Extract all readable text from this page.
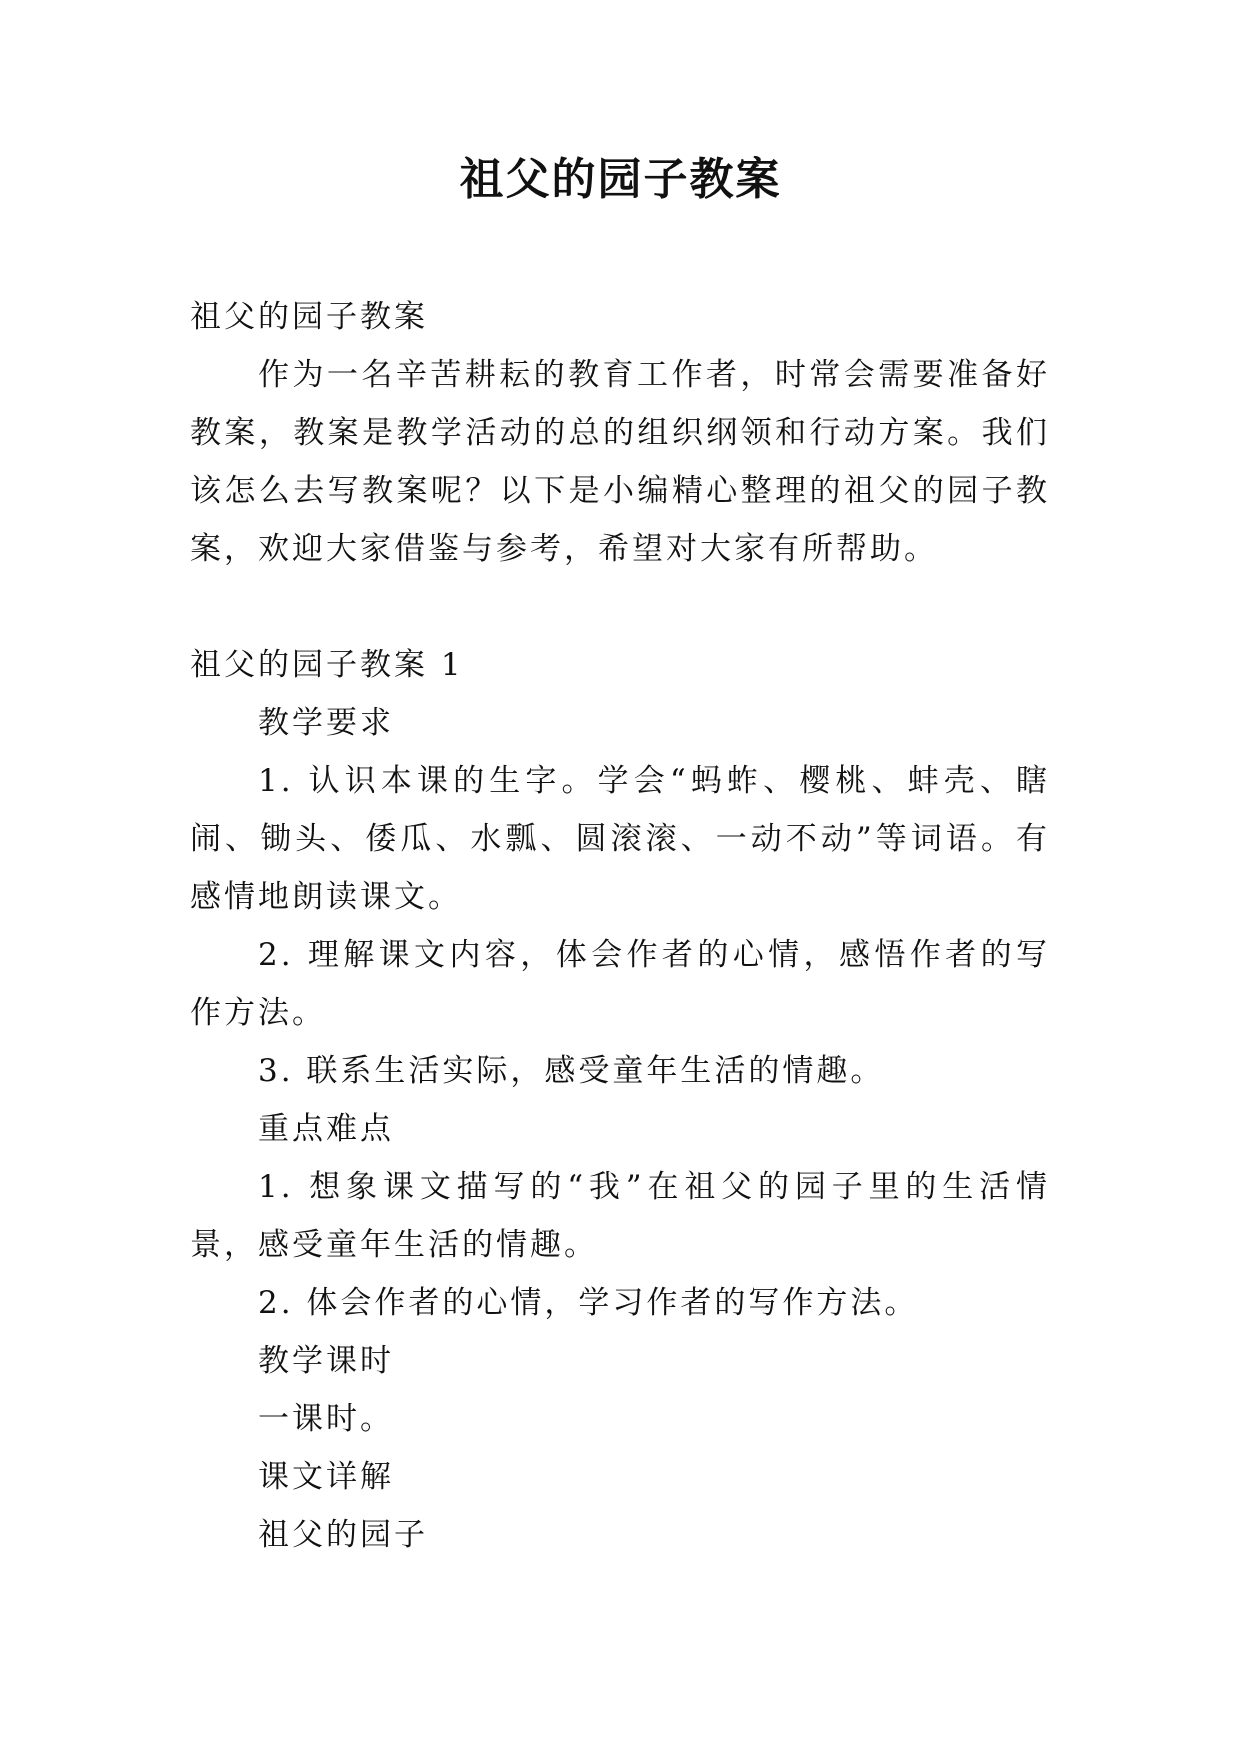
祖父的园子教案

祖父的园子教案

作为一名辛苦耕耘的教育工作者，时常会需要准备好教案，教案是教学活动的总的组织纲领和行动方案。我们该怎么去写教案呢？以下是小编精心整理的祖父的园子教案，欢迎大家借鉴与参考，希望对大家有所帮助。

祖父的园子教案 1

教学要求

1. 认识本课的生字。学会“蚂蚱、樱桃、蚌壳、瞎闹、锄头、倭瓜、水瓢、圆滚滚、一动不动”等词语。有感情地朗读课文。

2. 理解课文内容，体会作者的心情，感悟作者的写作方法。

3. 联系生活实际，感受童年生活的情趣。

重点难点

1. 想象课文描写的“我”在祖父的园子里的生活情景，感受童年生活的情趣。

2. 体会作者的心情，学习作者的写作方法。

教学课时

一课时。

课文详解

祖父的园子
